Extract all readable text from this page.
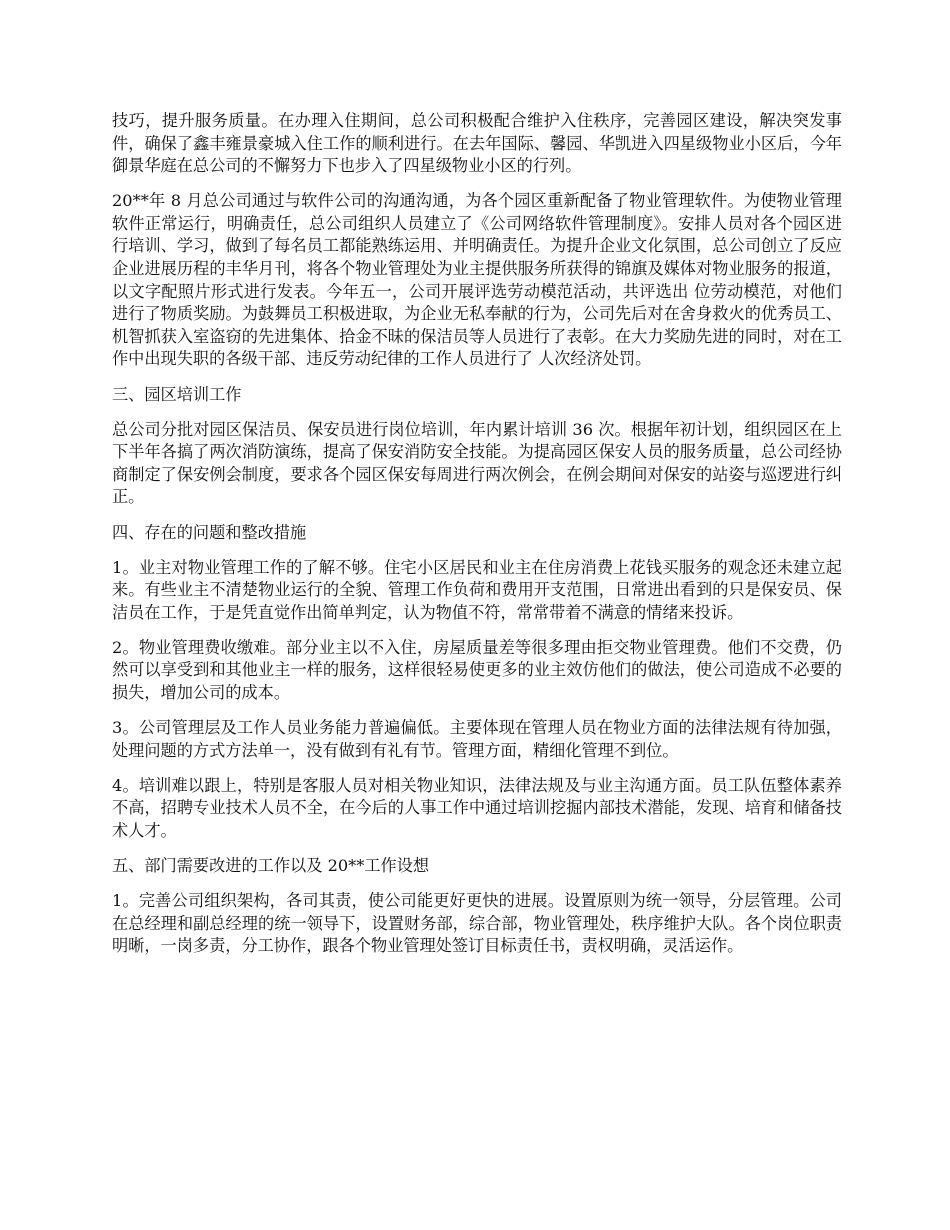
技巧，提升服务质量。在办理入住期间，总公司积极配合维护入住秩序，完善园区建设，解决突发事件，确保了鑫丰雍景豪城入住工作的顺利进行。在去年国际、馨园、华凯进入四星级物业小区后，今年御景华庭在总公司的不懈努力下也步入了四星级物业小区的行列。

20**年 8 月总公司通过与软件公司的沟通沟通，为各个园区重新配备了物业管理软件。为使物业管理软件正常运行，明确责任，总公司组织人员建立了《公司网络软件管理制度》。安排人员对各个园区进行培训、学习，做到了每名员工都能熟练运用、并明确责任。为提升企业文化氛围，总公司创立了反应企业进展历程的丰华月刊，将各个物业管理处为业主提供服务所获得的锦旗及媒体对物业服务的报道，以文字配照片形式进行发表。今年五一，公司开展评选劳动模范活动，共评选出 位劳动模范，对他们进行了物质奖励。为鼓舞员工积极进取，为企业无私奉献的行为，公司先后对在舍身救火的优秀员工、机智抓获入室盗窃的先进集体、拾金不昧的保洁员等人员进行了表彰。在大力奖励先进的同时，对在工作中出现失职的各级干部、违反劳动纪律的工作人员进行了 人次经济处罚。

三、园区培训工作

总公司分批对园区保洁员、保安员进行岗位培训，年内累计培训 36 次。根据年初计划，组织园区在上下半年各搞了两次消防演练，提高了保安消防安全技能。为提高园区保安人员的服务质量，总公司经协商制定了保安例会制度，要求各个园区保安每周进行两次例会，在例会期间对保安的站姿与巡逻进行纠正。

四、存在的问题和整改措施

1。业主对物业管理工作的了解不够。住宅小区居民和业主在住房消费上花钱买服务的观念还未建立起来。有些业主不清楚物业运行的全貌、管理工作负荷和费用开支范围，日常进出看到的只是保安员、保洁员在工作，于是凭直觉作出简单判定，认为物值不符，常常带着不满意的情绪来投诉。

2。物业管理费收缴难。部分业主以不入住，房屋质量差等很多理由拒交物业管理费。他们不交费，仍然可以享受到和其他业主一样的服务，这样很轻易使更多的业主效仿他们的做法，使公司造成不必要的损失，增加公司的成本。

3。公司管理层及工作人员业务能力普遍偏低。主要体现在管理人员在物业方面的法律法规有待加强，处理问题的方式方法单一，没有做到有礼有节。管理方面，精细化管理不到位。

4。培训难以跟上，特别是客服人员对相关物业知识，法律法规及与业主沟通方面。员工队伍整体素养不高，招聘专业技术人员不全，在今后的人事工作中通过培训挖掘内部技术潜能，发现、培育和储备技术人才。

五、部门需要改进的工作以及 20**工作设想

1。完善公司组织架构，各司其责，使公司能更好更快的进展。设置原则为统一领导，分层管理。公司在总经理和副总经理的统一领导下，设置财务部，综合部，物业管理处，秩序维护大队。各个岗位职责明晰，一岗多责，分工协作，跟各个物业管理处签订目标责任书，责权明确，灵活运作。
